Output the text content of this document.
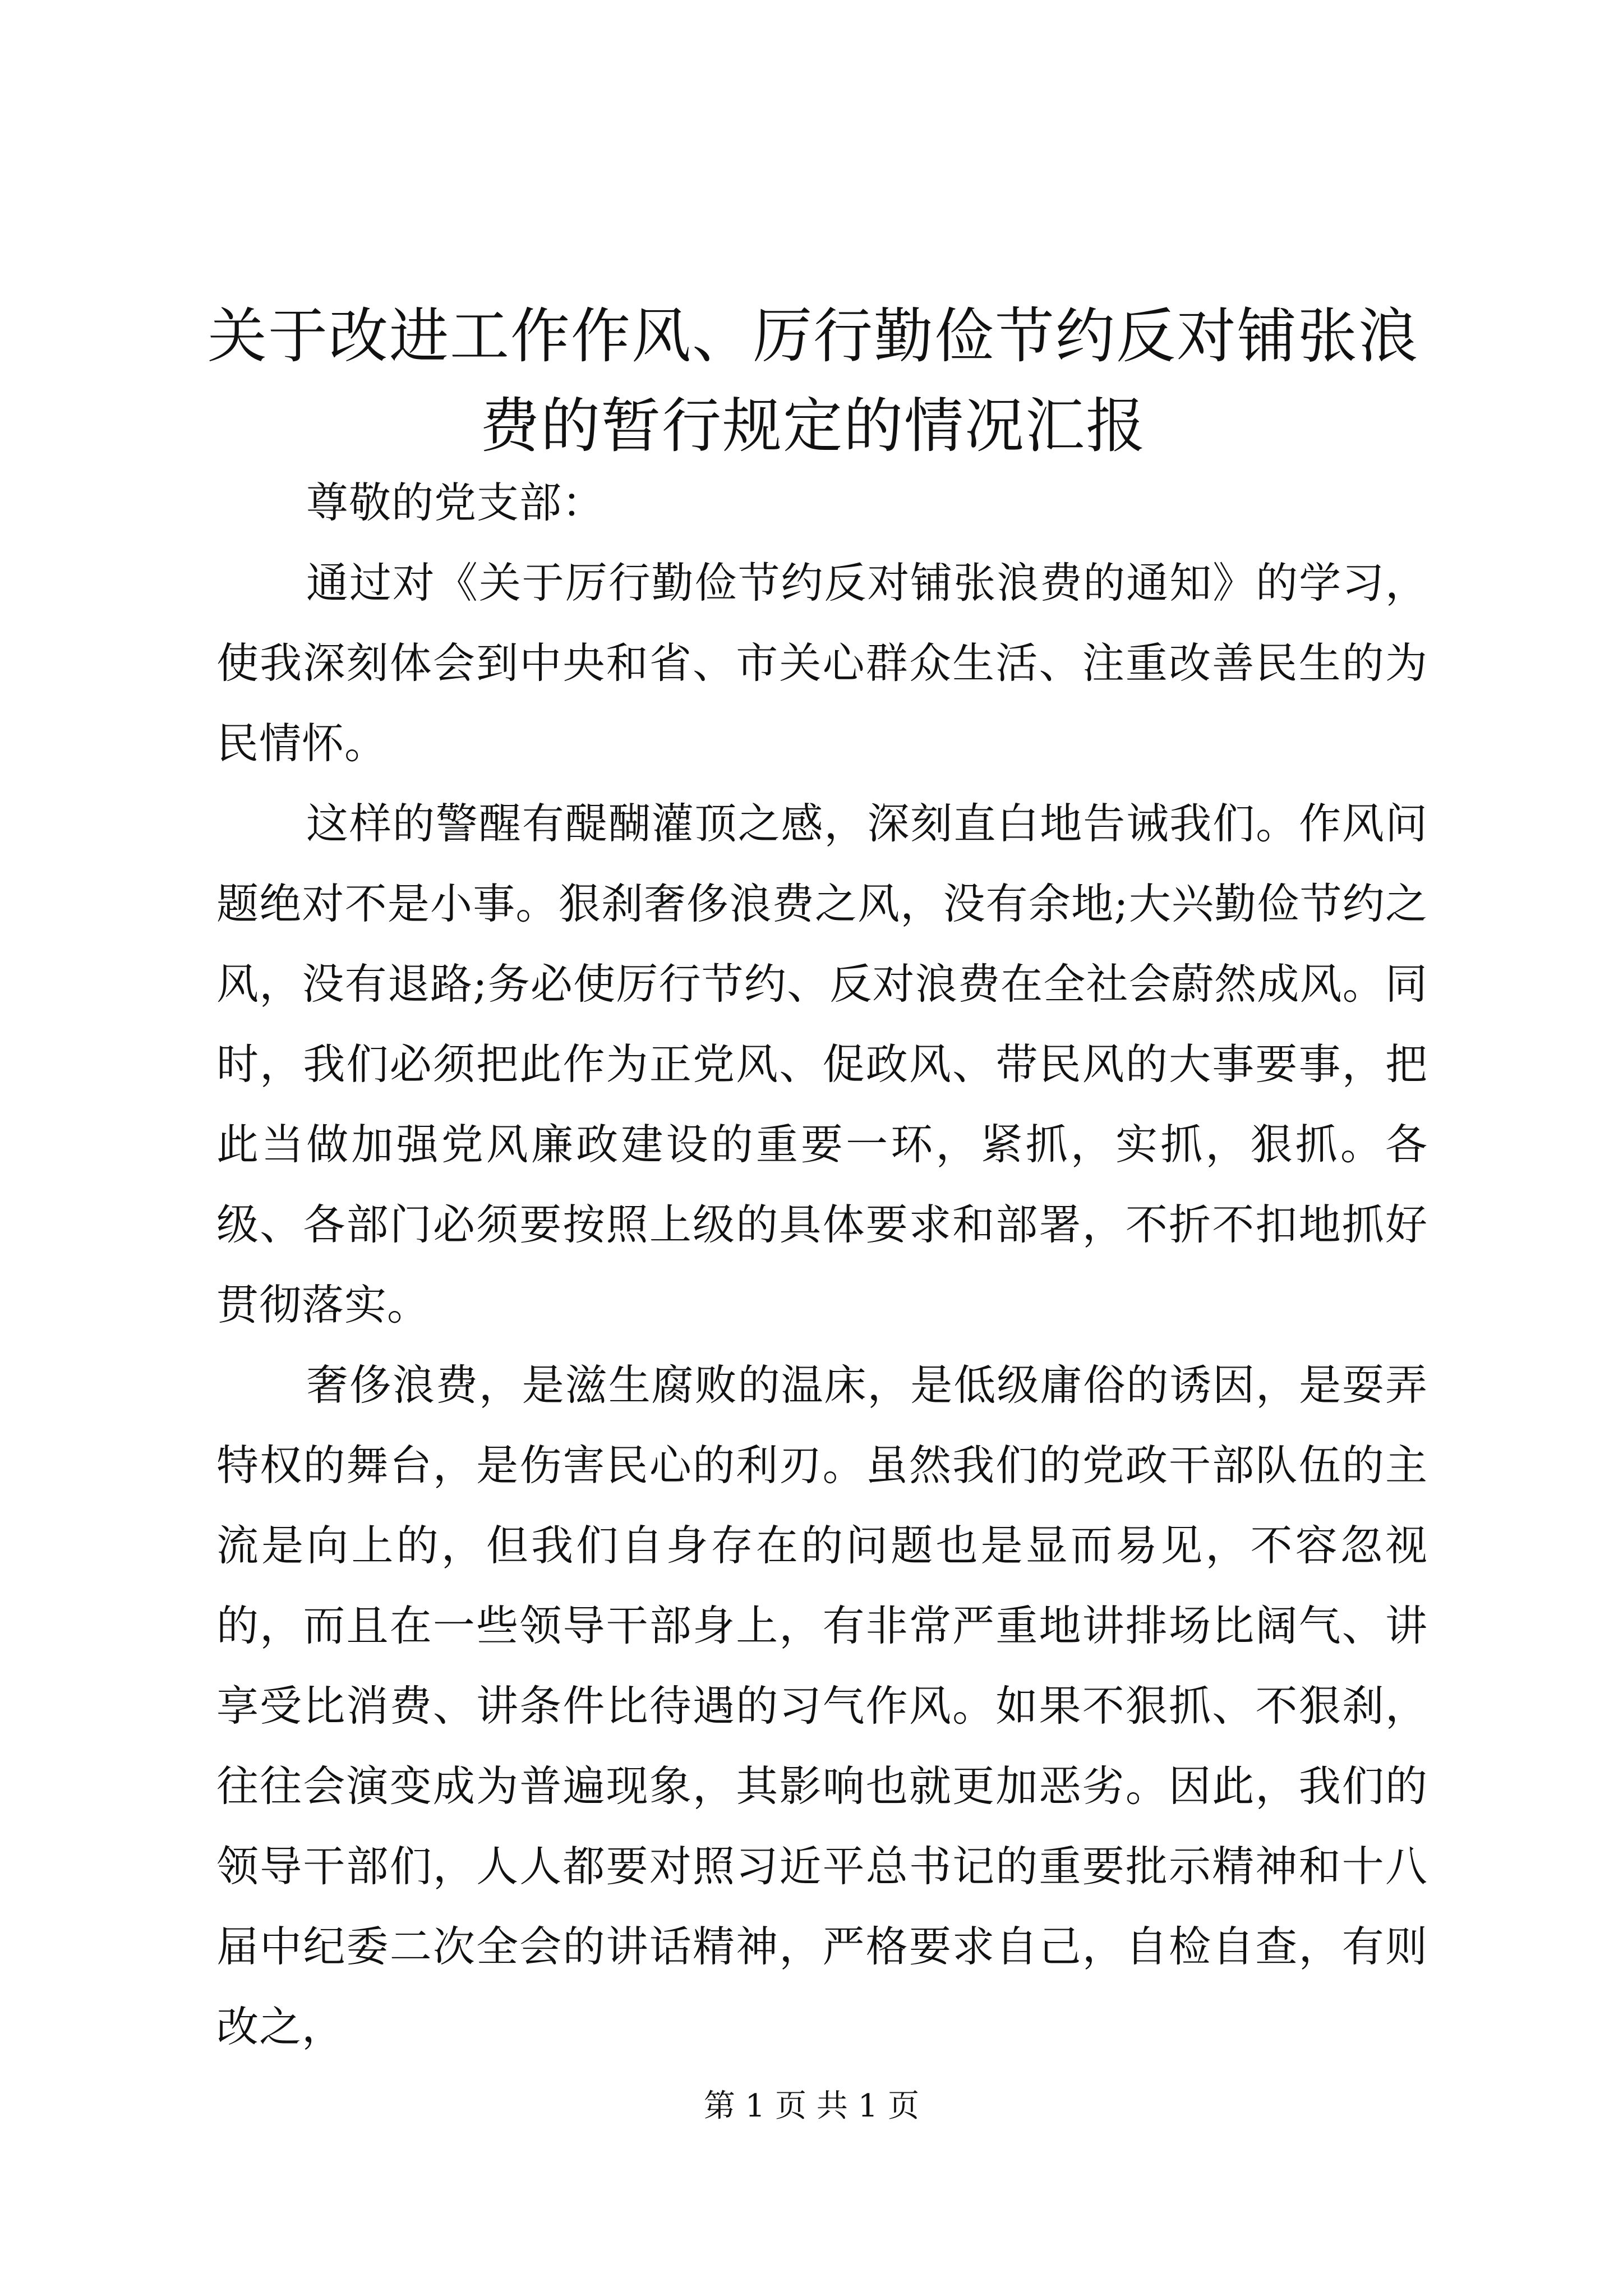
关于改进工作作风、厉行勤俭节约反对铺张浪
费的暂行规定的情况汇报

尊敬的党支部：

通过对《关于厉行勤俭节约反对铺张浪费的通知》的学习，使我深刻体会到中央和省、市关心群众生活、注重改善民生的为民情怀。

这样的警醒有醍醐灌顶之感，深刻直白地告诫我们。作风问题绝对不是小事。狠刹奢侈浪费之风，没有余地;大兴勤俭节约之风，没有退路;务必使厉行节约、反对浪费在全社会蔚然成风。同时，我们必须把此作为正党风、促政风、带民风的大事要事，把此当做加强党风廉政建设的重要一环，紧抓，实抓，狠抓。各级、各部门必须要按照上级的具体要求和部署，不折不扣地抓好贯彻落实。

奢侈浪费，是滋生腐败的温床，是低级庸俗的诱因，是耍弄特权的舞台，是伤害民心的利刃。虽然我们的党政干部队伍的主流是向上的，但我们自身存在的问题也是显而易见，不容忽视的，而且在一些领导干部身上，有非常严重地讲排场比阔气、讲享受比消费、讲条件比待遇的习气作风。如果不狠抓、不狠刹，往往会演变成为普遍现象，其影响也就更加恶劣。因此，我们的领导干部们，人人都要对照习近平总书记的重要批示精神和十八届中纪委二次全会的讲话精神，严格要求自己，自检自查，有则改之，

第 1 页 共 1 页
